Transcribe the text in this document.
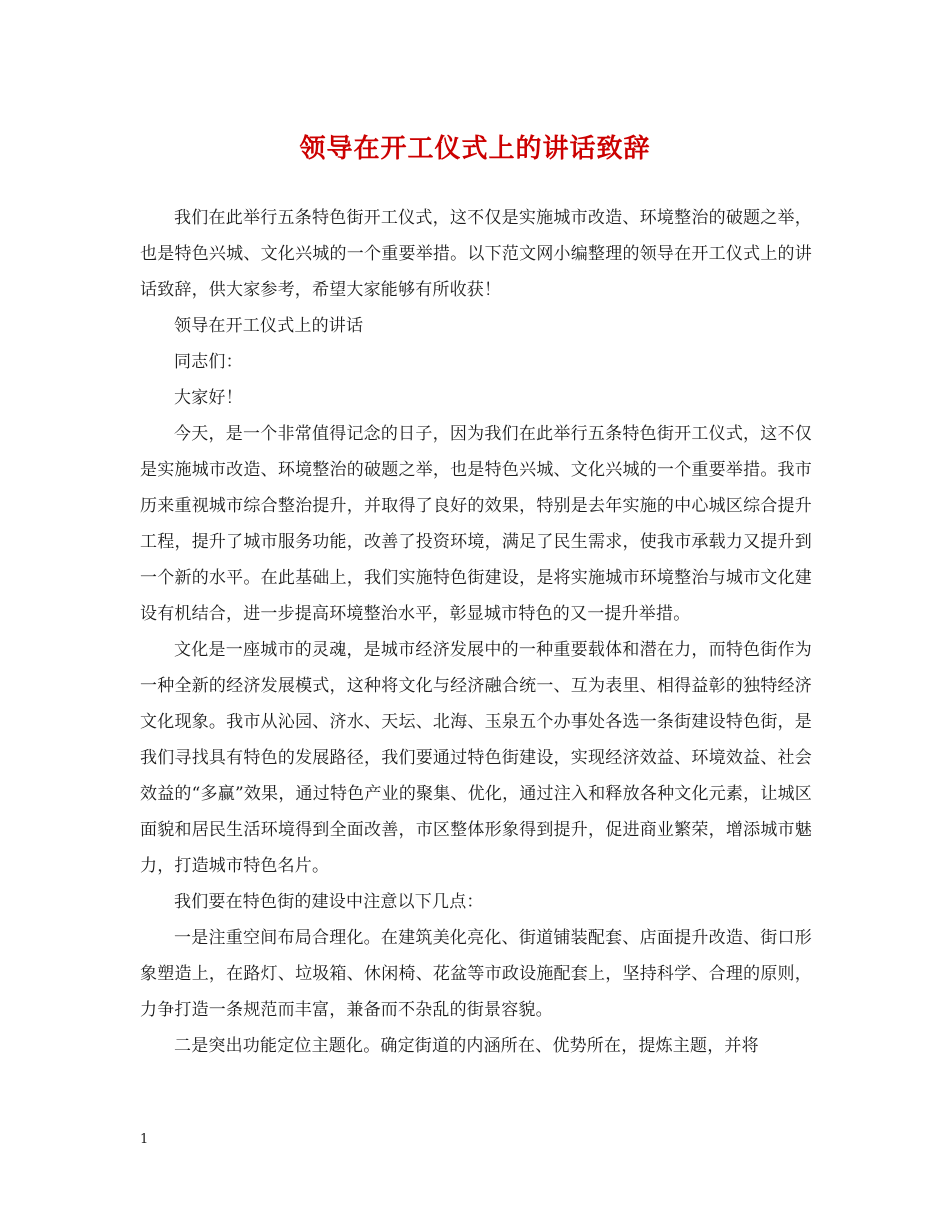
领导在开工仪式上的讲话致辞

我们在此举行五条特色街开工仪式，这不仅是实施城市改造、环境整治的破题之举，也是特色兴城、文化兴城的一个重要举措。以下范文网小编整理的领导在开工仪式上的讲话致辞，供大家参考，希望大家能够有所收获！

领导在开工仪式上的讲话

同志们：

大家好！

今天，是一个非常值得记念的日子，因为我们在此举行五条特色街开工仪式，这不仅是实施城市改造、环境整治的破题之举，也是特色兴城、文化兴城的一个重要举措。我市历来重视城市综合整治提升，并取得了良好的效果，特别是去年实施的中心城区综合提升工程，提升了城市服务功能，改善了投资环境，满足了民生需求，使我市承载力又提升到一个新的水平。在此基础上，我们实施特色街建设，是将实施城市环境整治与城市文化建设有机结合，进一步提高环境整治水平，彰显城市特色的又一提升举措。

文化是一座城市的灵魂，是城市经济发展中的一种重要载体和潜在力，而特色街作为一种全新的经济发展模式，这种将文化与经济融合统一、互为表里、相得益彰的独特经济文化现象。我市从沁园、济水、天坛、北海、玉泉五个办事处各选一条街建设特色街，是我们寻找具有特色的发展路径，我们要通过特色街建设，实现经济效益、环境效益、社会效益的“多赢”效果，通过特色产业的聚集、优化，通过注入和释放各种文化元素，让城区面貌和居民生活环境得到全面改善，市区整体形象得到提升，促进商业繁荣，增添城市魅力，打造城市特色名片。

我们要在特色街的建设中注意以下几点：

一是注重空间布局合理化。在建筑美化亮化、街道铺装配套、店面提升改造、街口形象塑造上，在路灯、垃圾箱、休闲椅、花盆等市政设施配套上，坚持科学、合理的原则，力争打造一条规范而丰富，兼备而不杂乱的街景容貌。

二是突出功能定位主题化。确定街道的内涵所在、优势所在，提炼主题，并将

1
